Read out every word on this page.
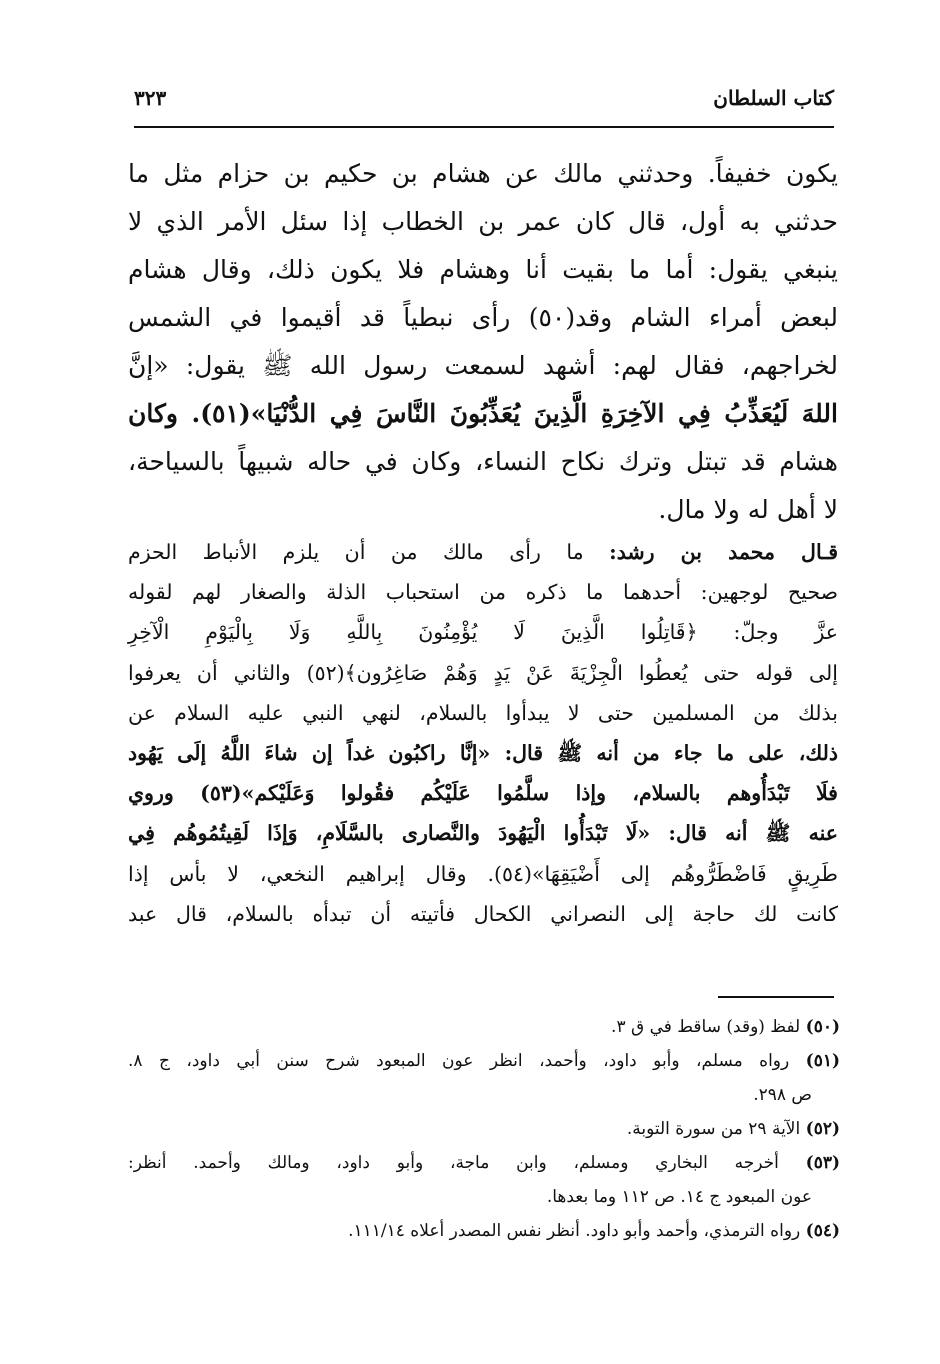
كتاب السلطان
٣٢٣
يكون خفيفاً. وحدثني مالك عن هشام بن حكيم بن حزام مثل ما
حدثني به أول، قال كان عمر بن الخطاب إذا سئل الأمر الذي لا
ينبغي يقول: أما ما بقيت أنا وهشام فلا يكون ذلك، وقال هشام
لبعض أمراء الشام وقد(٥٠) رأى نبطياً قد أقيموا في الشمس
لخراجهم، فقال لهم: أشهد لسمعت رسول الله ﷺ يقول: «إنَّ
اللهَ لَيُعَذِّبُ فِي الآخِرَةِ الَّذِينَ يُعَذِّبُونَ النَّاسَ فِي الدُّنْيَا»(٥١). وكان
هشام قد تبتل وترك نكاح النساء، وكان في حاله شبيهاً بالسياحة،
لا أهل له ولا مال.
قـال محمد بن رشد: ما رأى مالك من أن يلزم الأنباط الحزم
صحيح لوجهين: أحدهما ما ذكره من استحباب الذلة والصغار لهم لقوله
عزَّ وجلّ: ﴿قَاتِلُوا الَّذِينَ لَا يُؤْمِنُونَ بِاللَّهِ وَلَا بِالْيَوْمِ الْآخِرِ
إلى قوله حتى يُعطُوا الْجِزْيَةَ عَنْ يَدٍ وَهُمْ صَاغِرُون﴾(٥٢) والثاني أن يعرفوا
بذلك من المسلمين حتى لا يبدأوا بالسلام، لنهي النبي عليه السلام عن
ذلك، على ما جاء من أنه ﷺ قال: «إنَّا راكبُون غداً إن شاءَ اللَّهُ إلَى يَهُود
فلَا تَبْدَأُوهم بالسلام، وإذا سلَّمُوا عَلَيْكُم فقُولوا وَعَلَيْكم»(٥٣) وروي
عنه ﷺ أنه قال: «لَا تَبْدَأُوا الْيَهُودَ والنَّصارى بالسَّلَامِ، وَإذَا لَقِيتُمُوهُم فِي
طَرِيقٍ فَاضْطَرُّوهُم إلى أَضْيَقِهَا»(٥٤). وقال إبراهيم النخعي، لا بأس إذا
كانت لك حاجة إلى النصراني الكحال فأتيته أن تبدأه بالسلام، قال عبد
(٥٠) لفظ (وقد) ساقط في ق ٣.
(٥١) رواه مسلم، وأبو داود، وأحمد، انظر عون المبعود شرح سنن أبي داود، ج ٨.
ص ٢٩٨.
(٥٢) الآية ٢٩ من سورة التوبة.
(٥٣) أخرجه البخاري ومسلم، وابن ماجة، وأبو داود، ومالك وأحمد. أنظر:
عون المبعود ج ١٤. ص ١١٢ وما بعدها.
(٥٤) رواه الترمذي، وأحمد وأبو داود. أنظر نفس المصدر أعلاه ١١١/١٤.
